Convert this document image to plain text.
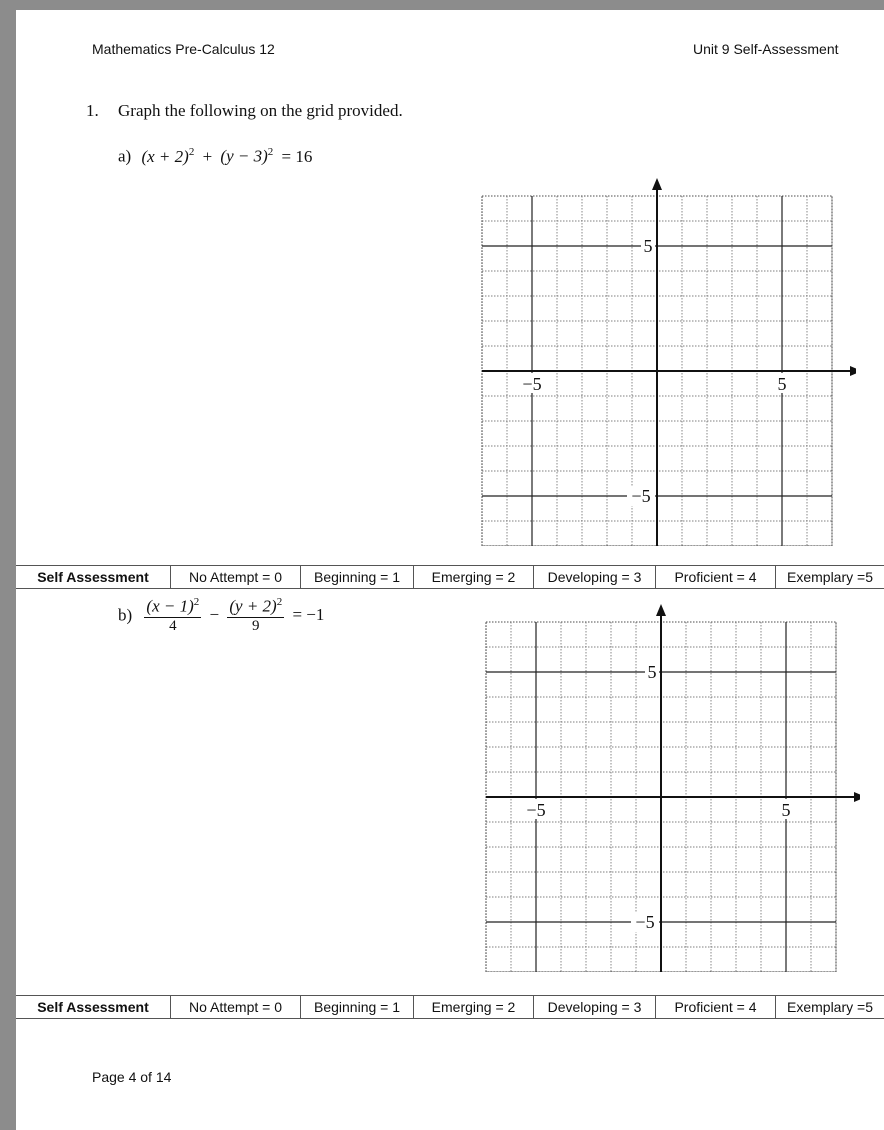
Mathematics Pre-Calculus 12	Unit 9 Self-Assessment
1. Graph the following on the grid provided.
a) $(x + 2)^2 + (y - 3)^2 = 16$
−5	5
5
−5
Self Assessment	No Attempt = 0	Beginning = 1	Emerging = 2	Developing = 3	Proficient = 4	Exemplary =5
$b) \frac{(x - 1)^2}{4} - \frac{(y + 2)^2}{9} = -1$
−5	5
5
−5
Self Assessment	No Attempt = 0	Beginning = 1	Emerging = 2	Developing = 3	Proficient = 4	Exemplary =5
Page 4 of 14
